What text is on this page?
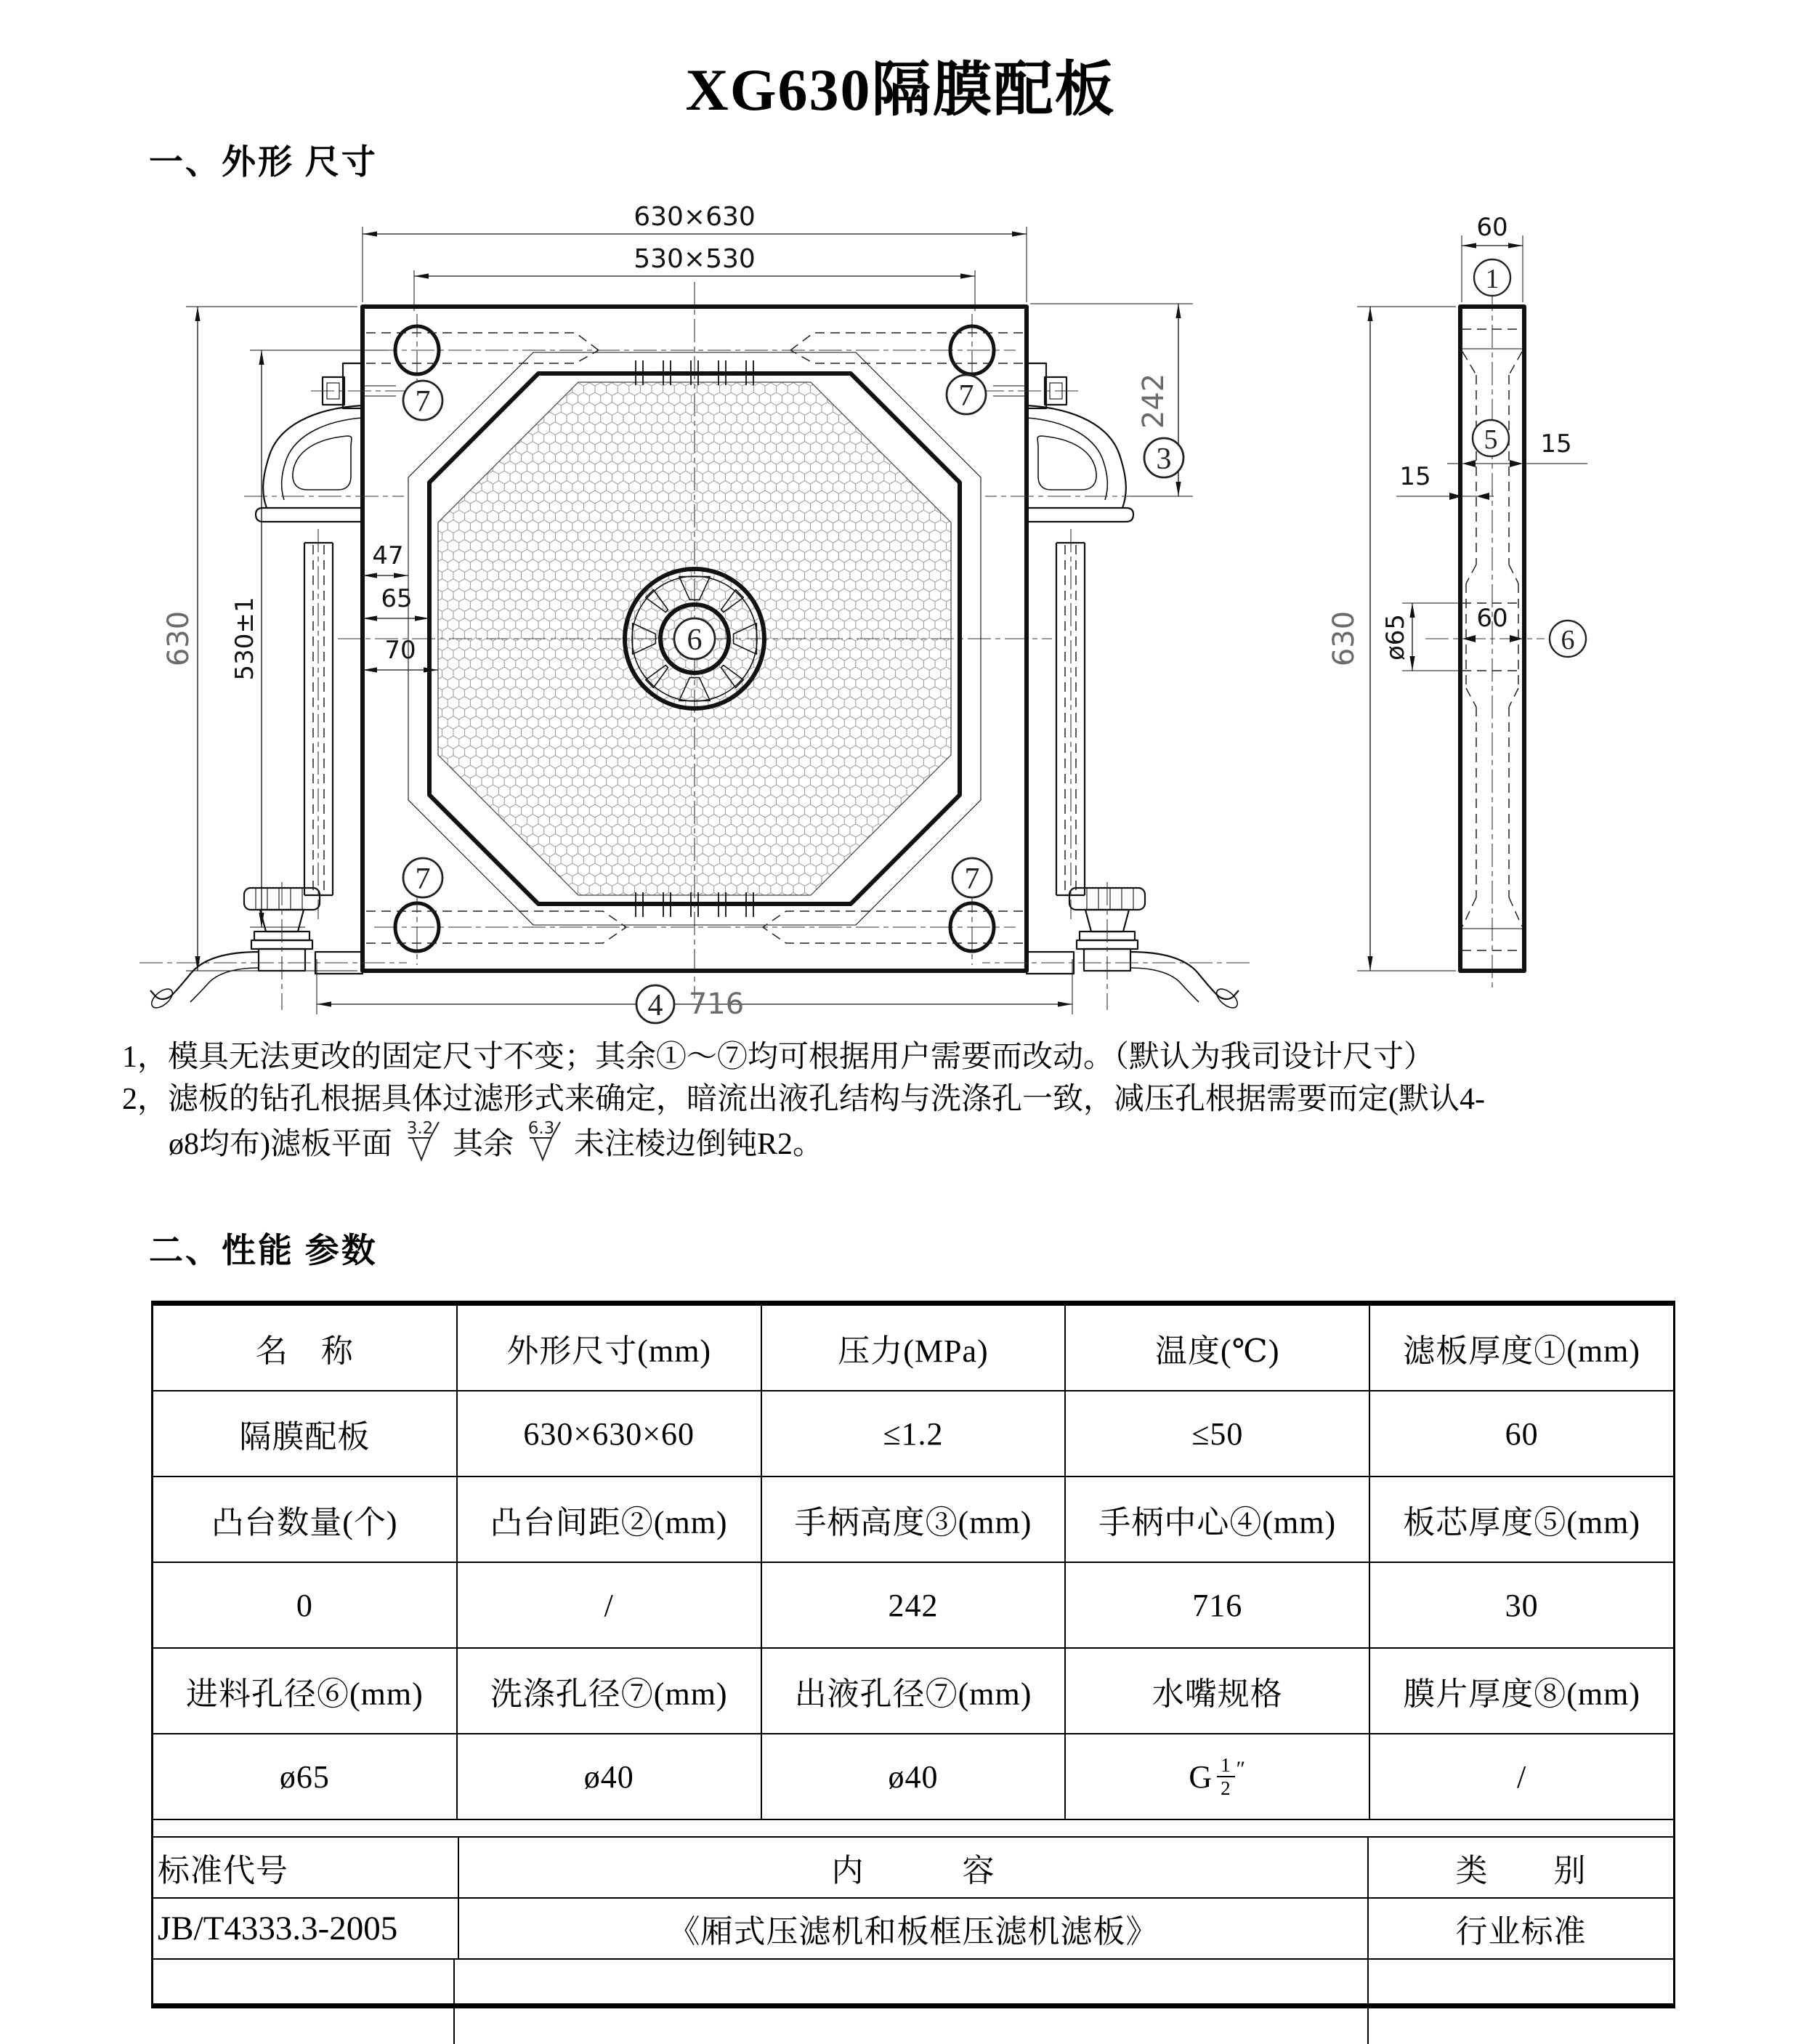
XG630隔膜配板
一、外形 尺寸
630×630
530×530
630 530±1
47
65
70
242
3
4 716
7	7
7	7
6
60
1
5 15
15
ø65	60
6
630

1，模具无法更改的固定尺寸不变；其余①～⑦均可根据用户需要而改动。（默认为我司设计尺寸）

2，滤板的钻孔根据具体过滤形式来确定，暗流出液孔结构与洗涤孔一致，减压孔根据需要而定(默认4-

ø8均布)滤板平面 3.2 其余 6.3 未注棱边倒钝R2。

二、性能 参数
名　称	外形尺寸(mm)	压力(MPa)	温度(℃)	滤板厚度①(mm)
隔膜配板	630×630×60	≤1.2	≤50	60
凸台数量(个)	凸台间距②(mm)	手柄高度③(mm)	手柄中心④(mm)	板芯厚度⑤(mm)
0	/	242	716	30
进料孔径⑥(mm)	洗涤孔径⑦(mm)	出液孔径⑦(mm)	水嘴规格	膜片厚度⑧(mm)
ø65	ø40	ø40	G $\frac{1}{2}$ ″	/
标准代号	内　　　容	类　　别
JB/T4333.3-2005	《厢式压滤机和板框压滤机滤板》	行业标准
